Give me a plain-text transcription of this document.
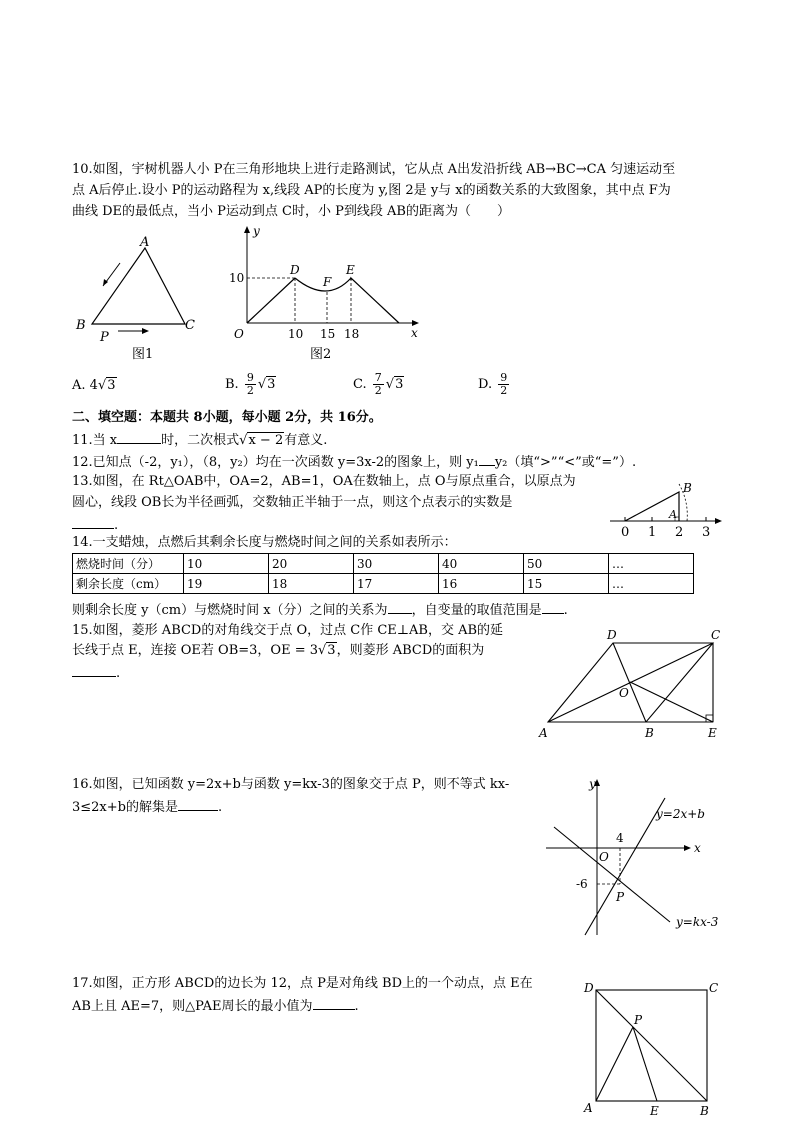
10.如图，宇树机器人小 P在三角形地块上进行走路测试，它从点 A出发沿折线 AB→BC→CA 匀速运动至
点 A后停止.设小 P的运动路程为 x,线段 AP的长度为 y,图 2是 y与 x的函数关系的大致图象，其中点 F为
曲线 DE的最低点，当小 P运动到点 C时，小 P到线段 AB的距离为（　　）
A
B	C
P
图1
y
x
O
10
D
F
E
10 15 18
图2
A. 4√3	B. $\frac{9}{2} √3$	C. $\frac{7}{2} √3$	D. $\frac{9}{2}$
二、填空题：本题共 8小题，每小题 2分，共 16分。
11.当 x	时，二次根式√x − 2有意义.
12.已知点（-2，y₁），（8，y₂）均在一次函数 y=3x-2的图象上，则 y₁ y₂（填“>”“<”或“=”）.
13.如图，在 Rt△OAB中，OA=2，AB=1，OA在数轴上，点 O与原点重合，以原点为
圆心，线段 OB长为半径画弧，交数轴正半轴于一点，则这个点表示的实数是
.
B
A
0 1 2 3
14.一支蜡烛，点燃后其剩余长度与燃烧时间之间的关系如表所示：
燃烧时间（分）	10	20	30	40	50	…
剩余长度（cm）	19	18	17	16	15	…
则剩余长度 y（cm）与燃烧时间 x（分）之间的关系为 ，自变量的取值范围是 .
15.如图，菱形 ABCD的对角线交于点 O，过点 C作 CE⊥AB，交 AB的延
长线于点 E，连接 OE若 OB=3，OE = 3√3，则菱形 ABCD的面积为
.
D	C
O
A	B	E
16.如图，已知函数 y=2x+b与函数 y=kx-3的图象交于点 P，则不等式 kx-
3≤2x+b的解集是	.
y
x
O
4
-6
P
y=2x+b
y=kx-3
17.如图，正方形 ABCD的边长为 12，点 P是对角线 BD上的一个动点，点 E在
AB上且 AE=7，则△PAE周长的最小值为	.
D	C
P
A	E	B
